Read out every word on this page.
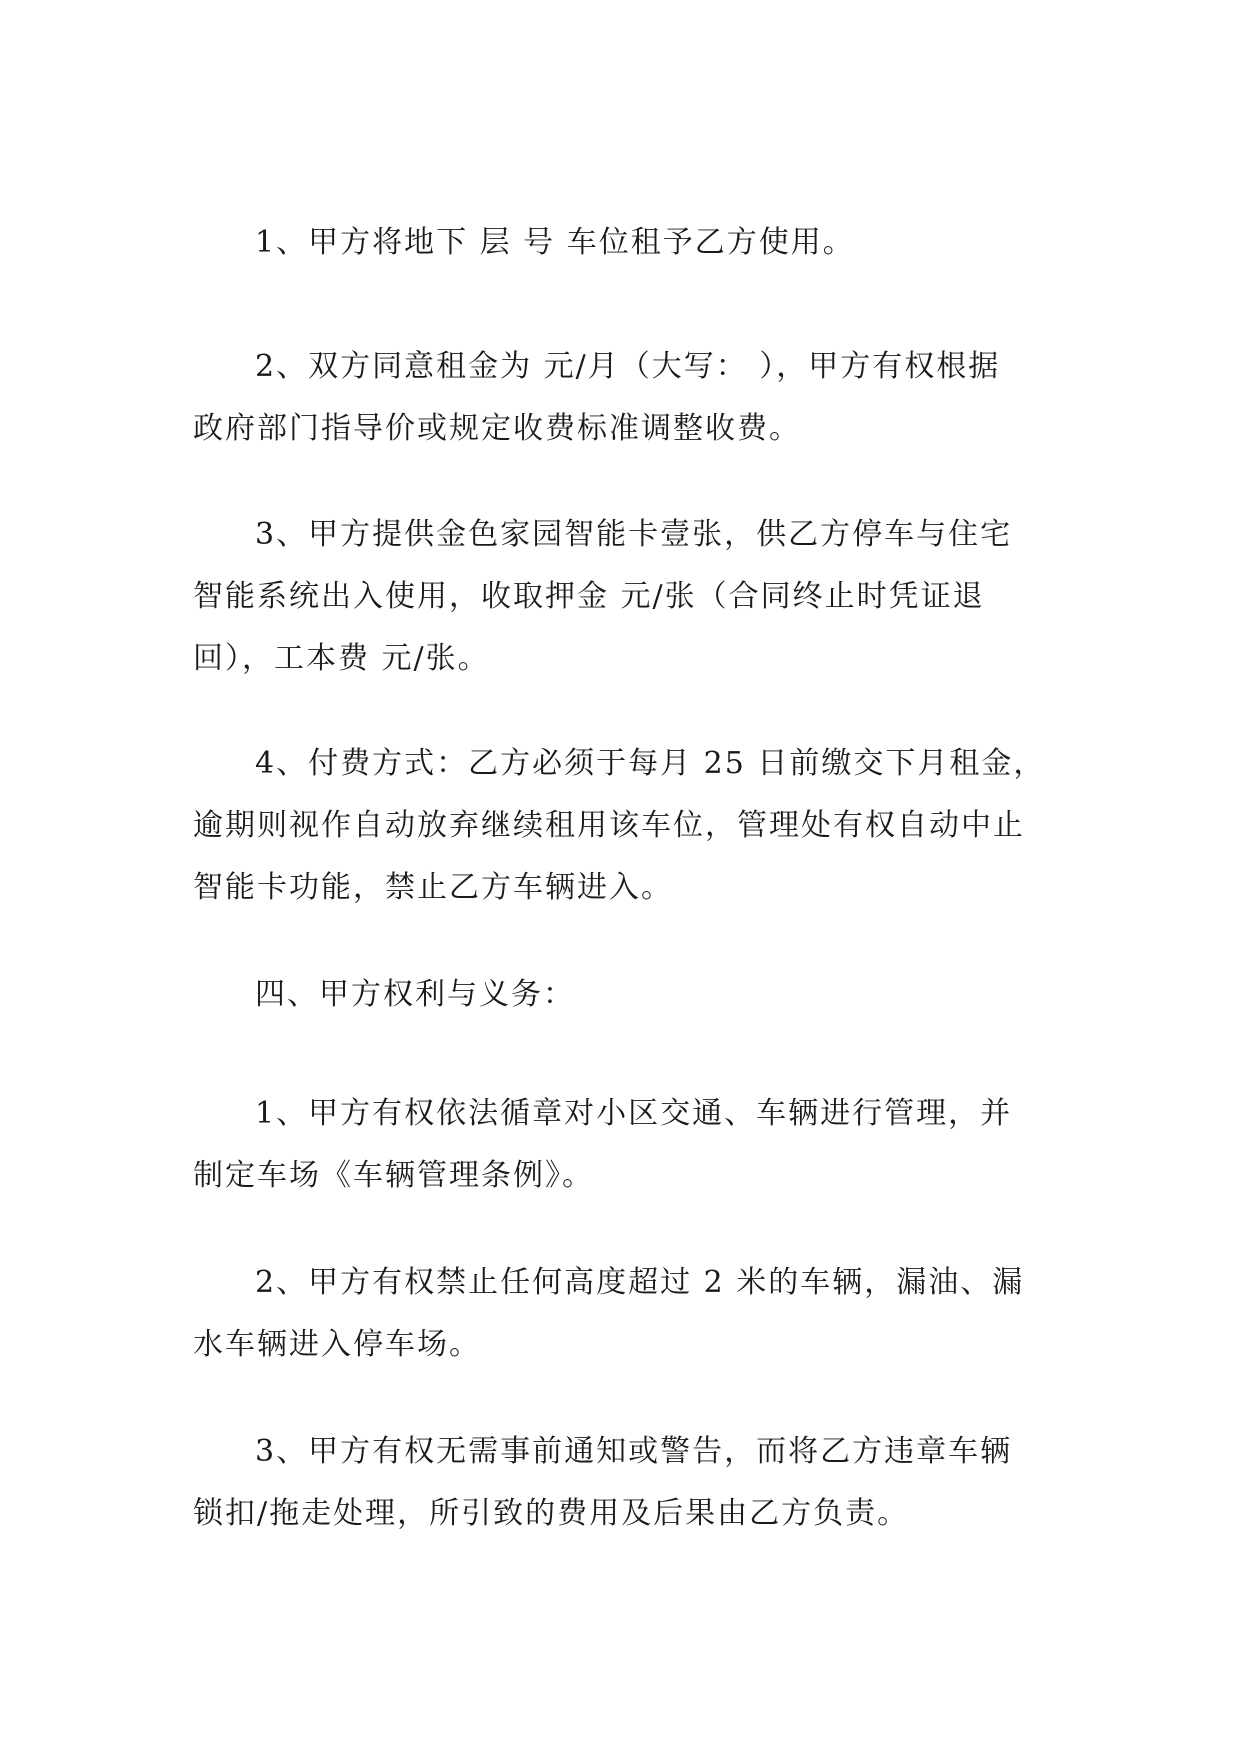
1、甲方将地下 层 号 车位租予乙方使用。

2、双方同意租金为 元/月（大写： ），甲方有权根据
政府部门指导价或规定收费标准调整收费。

3、甲方提供金色家园智能卡壹张，供乙方停车与住宅
智能系统出入使用，收取押金 元/张（合同终止时凭证退
回），工本费 元/张。

4、付费方式：乙方必须于每月 25 日前缴交下月租金，
逾期则视作自动放弃继续租用该车位，管理处有权自动中止
智能卡功能，禁止乙方车辆进入。

四、甲方权利与义务：

1、甲方有权依法循章对小区交通、车辆进行管理，并
制定车场《车辆管理条例》。

2、甲方有权禁止任何高度超过 2 米的车辆，漏油、漏
水车辆进入停车场。

3、甲方有权无需事前通知或警告，而将乙方违章车辆
锁扣/拖走处理，所引致的费用及后果由乙方负责。
